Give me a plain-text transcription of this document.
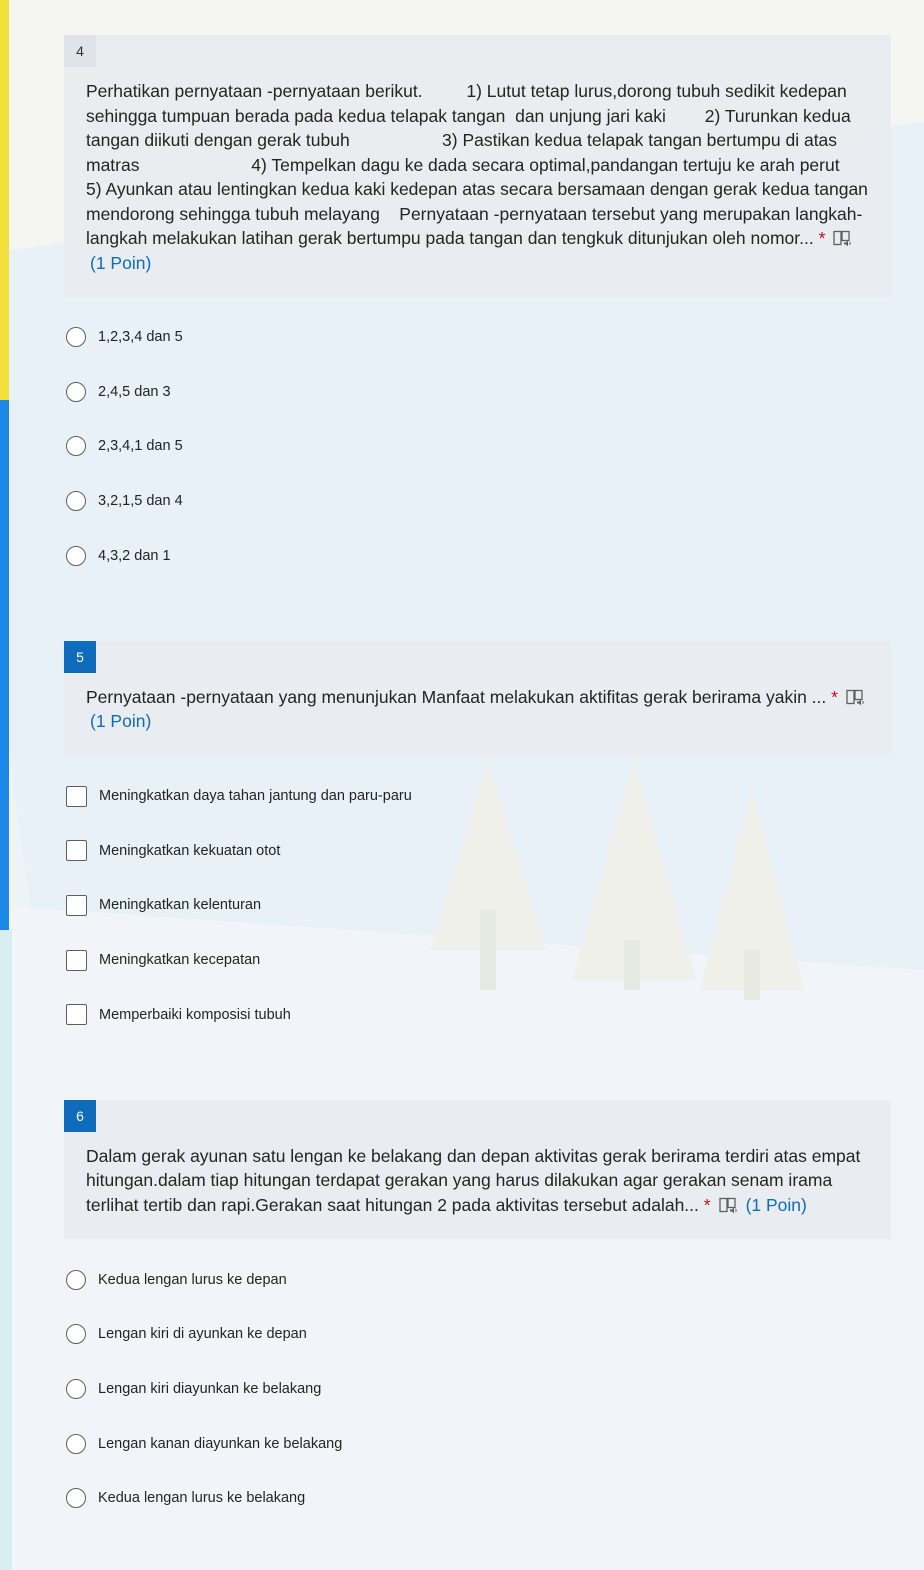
4

Perhatikan pernyataan -pernyataan berikut.         1) Lutut tetap lurus,dorong tubuh sedikit kedepan sehingga tumpuan berada pada kedua telapak tangan  dan unjung jari kaki        2) Turunkan kedua tangan diikuti dengan gerak tubuh                   3) Pastikan kedua telapak tangan bertumpu di atas matras                       4) Tempelkan dagu ke dada secara optimal,pandangan tertuju ke arah perut                5) Ayunkan atau lentingkan kedua kaki kedepan atas secara bersamaan dengan gerak kedua tangan mendorong sehingga tubuh melayang    Pernyataan -pernyataan tersebut yang merupakan langkah-langkah melakukan latihan gerak bertumpu pada tangan dan tengkuk ditunjukan oleh nomor... *(1 Poin)

1,2,3,4 dan 5
2,4,5 dan 3
2,3,4,1 dan 5
3,2,1,5 dan 4
4,3,2 dan 1
5

Pernyataan -pernyataan yang menunjukan Manfaat melakukan aktifitas gerak berirama yakin ... *(1 Poin)

Meningkatkan daya tahan jantung dan paru-paru
Meningkatkan kekuatan otot
Meningkatkan kelenturan
Meningkatkan kecepatan
Memperbaiki komposisi tubuh
6

Dalam gerak ayunan satu lengan ke belakang dan depan aktivitas gerak berirama terdiri atas empat hitungan.dalam tiap hitungan terdapat gerakan yang harus dilakukan agar gerakan senam irama terlihat tertib dan rapi.Gerakan saat hitungan 2 pada aktivitas tersebut adalah... * (1 Poin)

Kedua lengan lurus ke depan
Lengan kiri di ayunkan ke depan
Lengan kiri diayunkan ke belakang
Lengan kanan diayunkan ke belakang
Kedua lengan lurus ke belakang
